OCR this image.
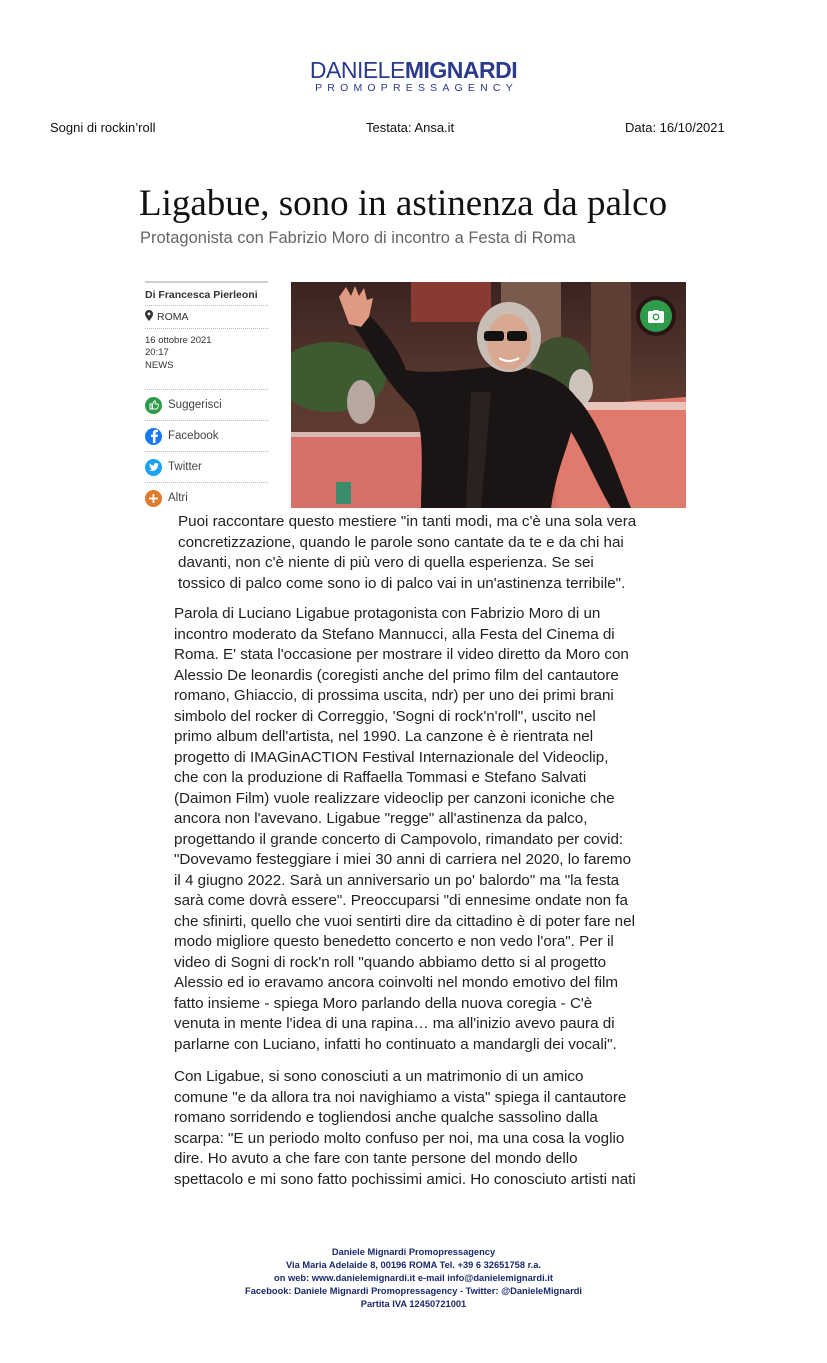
DANIELEMIGNARDI
PROMOPRESSAGENCY
Sogni di rockin’roll	Testata: Ansa.it	Data: 16/10/2021
Ligabue, sono in astinenza da palco
Protagonista con Fabrizio Moro di incontro a Festa di Roma
Di Francesca Pierleoni
ROMA
16 ottobre 2021
20:17
NEWS
Suggerisci
Facebook
Twitter
Altri
Puoi raccontare questo mestiere "in tanti modi, ma c'è una sola vera
concretizzazione, quando le parole sono cantate da te e da chi hai
davanti, non c'è niente di più vero di quella esperienza. Se sei
tossico di palco come sono io di palco vai in un'astinenza terribile".
Parola di Luciano Ligabue protagonista con Fabrizio Moro di un
incontro moderato da Stefano Mannucci, alla Festa del Cinema di
Roma. E' stata l'occasione per mostrare il video diretto da Moro con
Alessio De leonardis (coregisti anche del primo film del cantautore
romano, Ghiaccio, di prossima uscita, ndr) per uno dei primi brani
simbolo del rocker di Correggio, 'Sogni di rock'n'roll", uscito nel
primo album dell'artista, nel 1990. La canzone è è rientrata nel
progetto di IMAGinACTION Festival Internazionale del Videoclip,
che con la produzione di Raffaella Tommasi e Stefano Salvati
(Daimon Film) vuole realizzare videoclip per canzoni iconiche che
ancora non l'avevano. Ligabue "regge" all'astinenza da palco,
progettando il grande concerto di Campovolo, rimandato per covid:
"Dovevamo festeggiare i miei 30 anni di carriera nel 2020, lo faremo
il 4 giugno 2022. Sarà un anniversario un po' balordo" ma "la festa
sarà come dovrà essere". Preoccuparsi "di ennesime ondate non fa
che sfinirti, quello che vuoi sentirti dire da cittadino è di poter fare nel
modo migliore questo benedetto concerto e non vedo l'ora". Per il
video di Sogni di rock'n roll "quando abbiamo detto si al progetto
Alessio ed io eravamo ancora coinvolti nel mondo emotivo del film
fatto insieme - spiega Moro parlando della nuova coregia - C'è
venuta in mente l'idea di una rapina… ma all'inizio avevo paura di
parlarne con Luciano, infatti ho continuato a mandargli dei vocali".
Con Ligabue, si sono conosciuti a un matrimonio di un amico
comune "e da allora tra noi navighiamo a vista" spiega il cantautore
romano sorridendo e togliendosi anche qualche sassolino dalla
scarpa: "E un periodo molto confuso per noi, ma una cosa la voglio
dire. Ho avuto a che fare con tante persone del mondo dello
spettacolo e mi sono fatto pochissimi amici. Ho conosciuto artisti nati
Daniele Mignardi Promopressagency
Via Maria Adelaide 8, 00196 ROMA Tel. +39 6 32651758 r.a.
on web: www.danielemignardi.it e-mail info@danielemignardi.it
Facebook: Daniele Mignardi Promopressagency - Twitter: @DanieleMignardi
Partita IVA 12450721001
